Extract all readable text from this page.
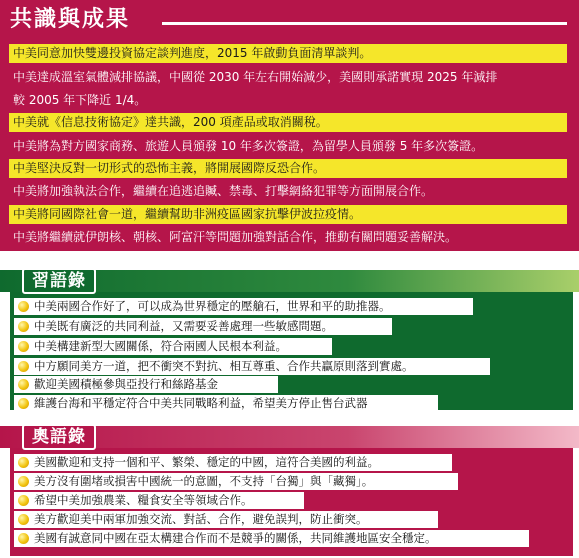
共識與成果
中美同意加快雙邊投資協定談判進度，2015 年啟動負面清單談判。
中美達成溫室氣體減排協議，中國從 2030 年左右開始減少，美國則承諾實現 2025 年減排
較 2005 年下降近 1/4。
中美就《信息技術協定》達共識，200 項產品或取消關稅。
中美將為對方國家商務、旅遊人員頒發 10 年多次簽證，為留學人員頒發 5 年多次簽證。
中美堅決反對一切形式的恐怖主義，將開展國際反恐合作。
中美將加強執法合作，繼續在追逃追贓、禁毒、打擊網絡犯罪等方面開展合作。
中美將同國際社會一道，繼續幫助非洲疫區國家抗擊伊波拉疫情。
中美將繼續就伊朗核、朝核、阿富汗等問題加強對話合作，推動有關問題妥善解決。
習語錄
中美兩國合作好了，可以成為世界穩定的壓艙石，世界和平的助推器。
中美既有廣泛的共同利益，又需要妥善處理一些敏感問題。
中美構建新型大國關係，符合兩國人民根本利益。
中方願同美方一道，把不衝突不對抗、相互尊重、合作共贏原則落到實處。
歡迎美國積極參與亞投行和絲路基金
維護台海和平穩定符合中美共同戰略利益，希望美方停止售台武器
奧語錄
美國歡迎和支持一個和平、繁榮、穩定的中國，這符合美國的利益。
美方沒有圍堵或損害中國統一的意圖，不支持「台獨」與「藏獨」。
希望中美加強農業、糧食安全等領域合作。
美方歡迎美中兩軍加強交流、對話、合作，避免誤判，防止衝突。
美國有誠意同中國在亞太構建合作而不是競爭的關係，共同維護地區安全穩定。
